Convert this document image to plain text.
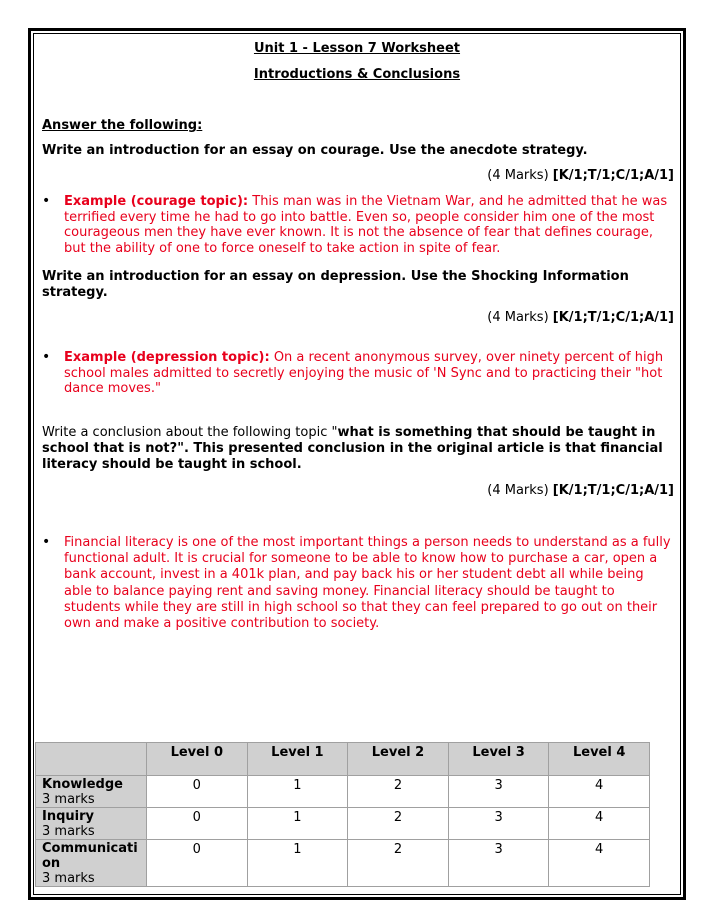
Unit 1 - Lesson 7 Worksheet
Introductions & Conclusions
Answer the following:
Write an introduction for an essay on courage. Use the anecdote strategy.
(4 Marks) [K/1;T/1;C/1;A/1]
• Example (courage topic): This man was in the Vietnam War, and he admitted that he was terrified every time he had to go into battle. Even so, people consider him one of the most courageous men they have ever known. It is not the absence of fear that defines courage, but the ability of one to force oneself to take action in spite of fear.
Write an introduction for an essay on depression. Use the Shocking Information strategy.
(4 Marks) [K/1;T/1;C/1;A/1]
• Example (depression topic): On a recent anonymous survey, over ninety percent of high school males admitted to secretly enjoying the music of 'N Sync and to practicing their "hot dance moves."
Write a conclusion about the following topic "what is something that should be taught in school that is not?". This presented conclusion in the original article is that financial literacy should be taught in school.
(4 Marks) [K/1;T/1;C/1;A/1]
• Financial literacy is one of the most important things a person needs to understand as a fully functional adult. It is crucial for someone to be able to know how to purchase a car, open a bank account, invest in a 401k plan, and pay back his or her student debt all while being able to balance paying rent and saving money. Financial literacy should be taught to students while they are still in high school so that they can feel prepared to go out on their own and make a positive contribution to society.
	Level 0	Level 1	Level 2	Level 3	Level 4

Knowledge
3 marks	0	1	2	3	4

Inquiry
3 marks	0	1	2	3	4

Communication
3 marks	0	1	2	3	4
